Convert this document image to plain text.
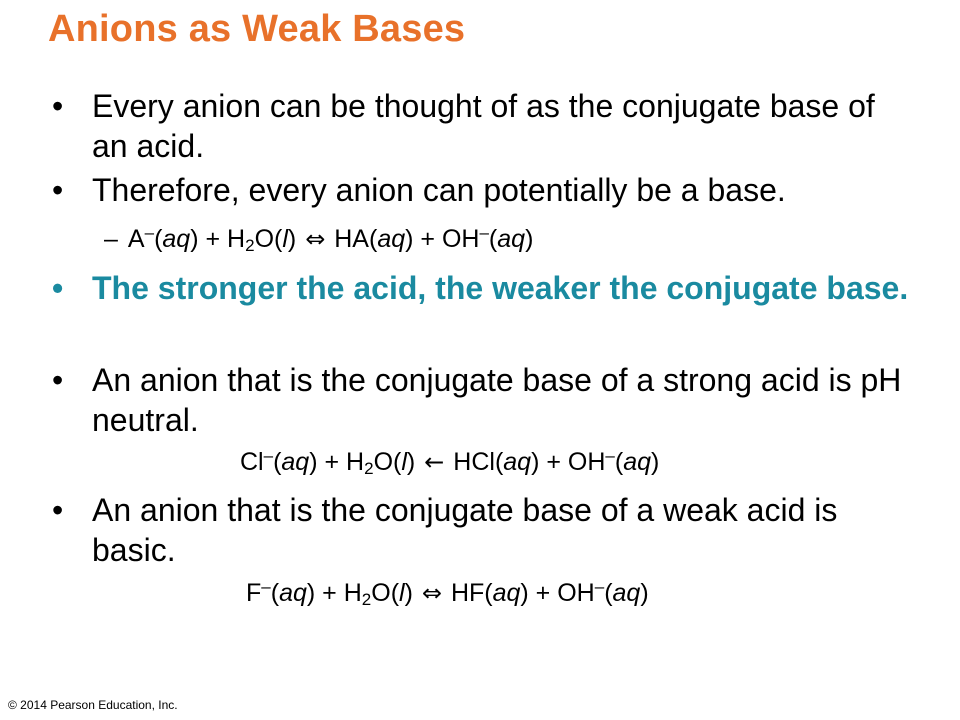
Anions as Weak Bases
• Every anion can be thought of as the conjugate base of an acid.
• Therefore, every anion can potentially be a base.
– $A^-(aq) + H_2O(l)$ ⇔ HA(aq) + OH–(aq)
• The stronger the acid, the weaker the conjugate base.
• An anion that is the conjugate base of a strong acid is pH neutral.
$Cl^-(aq) + H_2O(l)$ ← HCl(aq) + OH–(aq)
• An anion that is the conjugate base of a weak acid is basic.
$F^-(aq) + H_2O(l)$ ⇔ HF(aq) + OH–(aq)
© 2014 Pearson Education, Inc.
